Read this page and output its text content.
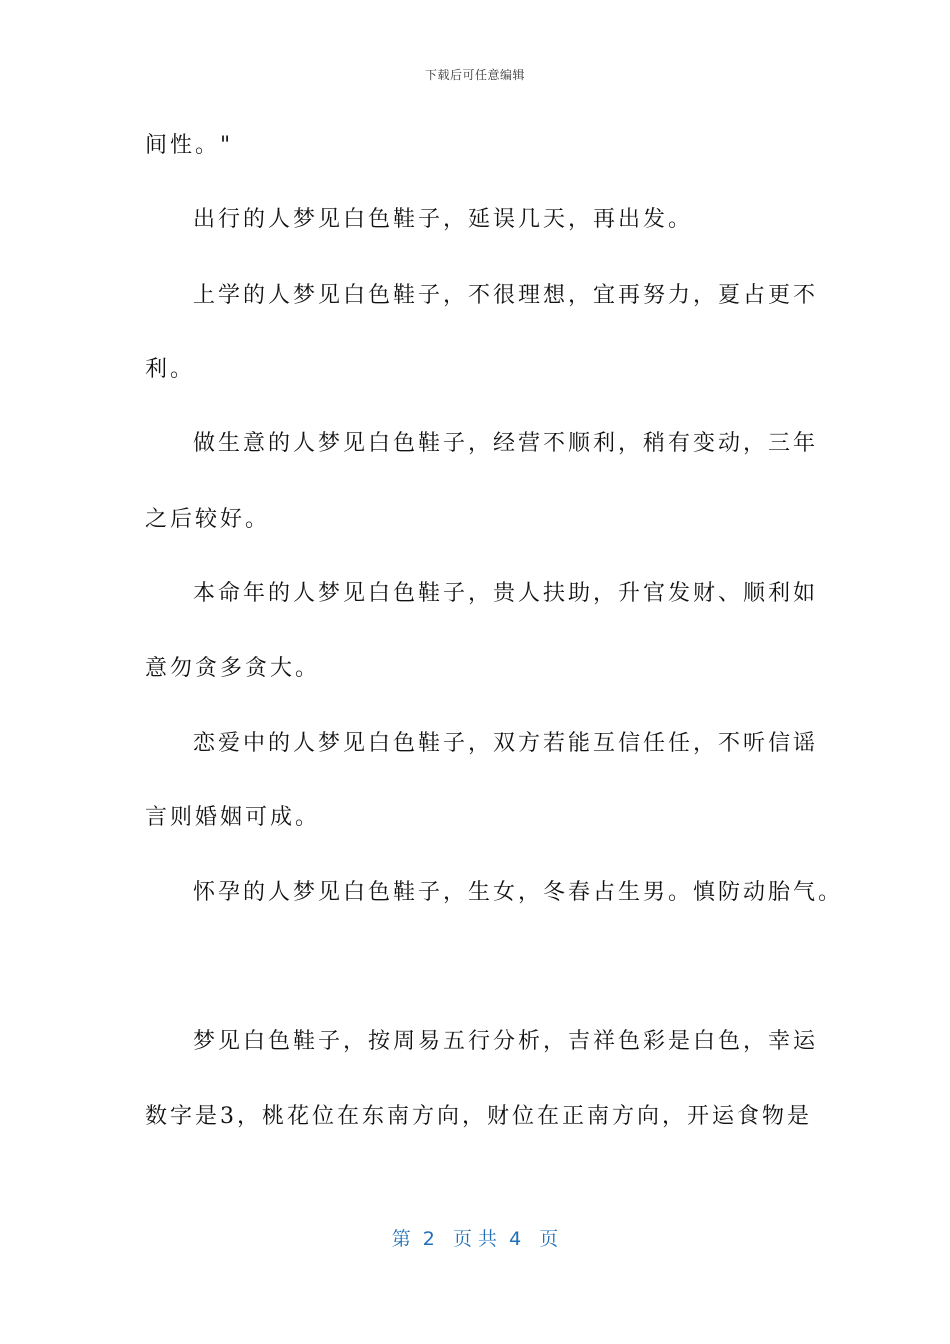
下载后可任意编辑
间性。"
出行的人梦见白色鞋子，延误几天，再出发。
上学的人梦见白色鞋子，不很理想，宜再努力，夏占更不
利。
做生意的人梦见白色鞋子，经营不顺利，稍有变动，三年
之后较好。
本命年的人梦见白色鞋子，贵人扶助，升官发财、顺利如
意勿贪多贪大。
恋爱中的人梦见白色鞋子，双方若能互信任任，不听信谣
言则婚姻可成。
怀孕的人梦见白色鞋子，生女，冬春占生男。慎防动胎气。
梦见白色鞋子，按周易五行分析，吉祥色彩是白色，幸运
数字是3，桃花位在东南方向，财位在正南方向，开运食物是
第  2   页 共  4   页
